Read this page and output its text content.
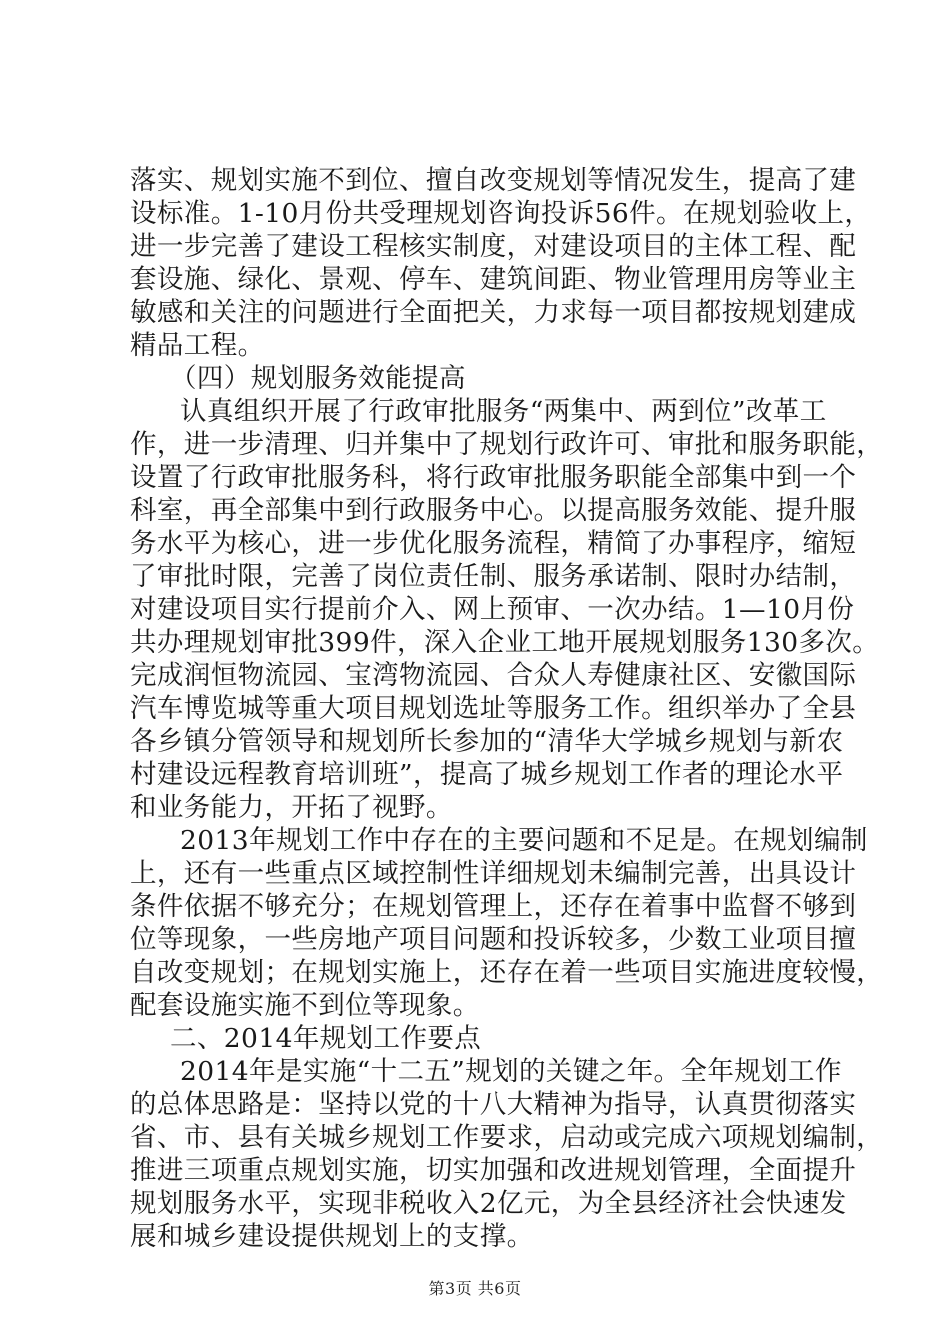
落实、规划实施不到位、擅自改变规划等情况发生，提高了建
设标准。1-10月份共受理规划咨询投诉56件。在规划验收上，
进一步完善了建设工程核实制度，对建设项目的主体工程、配
套设施、绿化、景观、停车、建筑间距、物业管理用房等业主
敏感和关注的问题进行全面把关，力求每一项目都按规划建成
精品工程。
（四）规划服务效能提高
认真组织开展了行政审批服务“两集中、两到位”改革工
作，进一步清理、归并集中了规划行政许可、审批和服务职能，
设置了行政审批服务科，将行政审批服务职能全部集中到一个
科室，再全部集中到行政服务中心。以提高服务效能、提升服
务水平为核心，进一步优化服务流程，精简了办事程序，缩短
了审批时限，完善了岗位责任制、服务承诺制、限时办结制，
对建设项目实行提前介入、网上预审、一次办结。1—10月份
共办理规划审批399件，深入企业工地开展规划服务130多次。
完成润恒物流园、宝湾物流园、合众人寿健康社区、安徽国际
汽车博览城等重大项目规划选址等服务工作。组织举办了全县
各乡镇分管领导和规划所长参加的“清华大学城乡规划与新农
村建设远程教育培训班”，提高了城乡规划工作者的理论水平
和业务能力，开拓了视野。
2013年规划工作中存在的主要问题和不足是。在规划编制
上，还有一些重点区域控制性详细规划未编制完善，出具设计
条件依据不够充分；在规划管理上，还存在着事中监督不够到
位等现象，一些房地产项目问题和投诉较多，少数工业项目擅
自改变规划；在规划实施上，还存在着一些项目实施进度较慢，
配套设施实施不到位等现象。
二、2014年规划工作要点
2014年是实施“十二五”规划的关键之年。全年规划工作
的总体思路是：坚持以党的十八大精神为指导，认真贯彻落实
省、市、县有关城乡规划工作要求，启动或完成六项规划编制，
推进三项重点规划实施，切实加强和改进规划管理，全面提升
规划服务水平，实现非税收入2亿元，为全县经济社会快速发
展和城乡建设提供规划上的支撑。
第3页 共6页
